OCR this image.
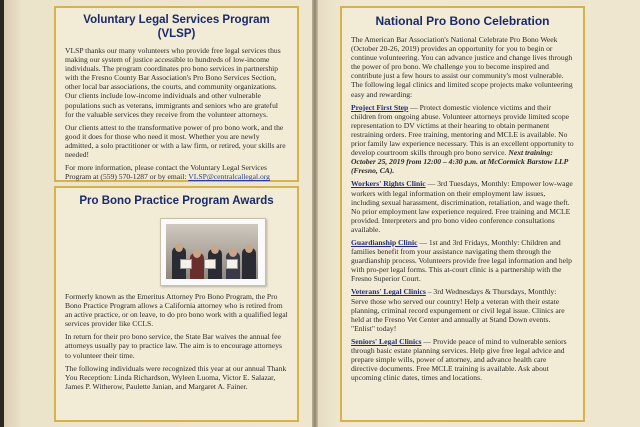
Voluntary Legal Services Program (VLSP)

VLSP thanks our many volunteers who provide free legal services thus making our system of justice accessible to hundreds of low-income individuals. The program coordinates pro bono services in partnership with the Fresno County Bar Association's Pro Bono Services Section, other local bar associations, the courts, and community organizations. Our clients include low-income individuals and other vulnerable populations such as veterans, immigrants and seniors who are grateful for the valuable services they receive from the volunteer attorneys.

Our clients attest to the transformative power of pro bono work, and the good it does for those who need it most. Whether you are newly admitted, a solo practitioner or with a law firm, or retired, your skills are needed!

For more information, please contact the Voluntary Legal Services Program at (559) 570-1287 or by email: VLSP@centralcallegal.org

Pro Bono Practice Program Awards

Formerly known as the Emeritus Attorney Pro Bono Program, the Pro Bono Practice Program allows a California attorney who is retired from an active practice, or on leave, to do pro bono work with a qualified legal services provider like CCLS.

In return for their pro bono service, the State Bar waives the annual fee attorneys usually pay to practice law. The aim is to encourage attorneys to volunteer their time.

The following individuals were recognized this year at our annual Thank You Reception: Linda Richardson, Wyleen Luoma, Victor E. Salazar, James P. Witherow, Paulette Janian, and Margaret A. Fainer.

National Pro Bono Celebration

The American Bar Association's National Celebrate Pro Bono Week (October 20-26, 2019) provides an opportunity for you to begin or continue volunteering. You can advance justice and change lives through the power of pro bono. We challenge you to become inspired and contribute just a few hours to assist our community's most vulnerable. The following legal clinics and limited scope projects make volunteering easy and rewarding:

Project First Step — Protect domestic violence victims and their children from ongoing abuse. Volunteer attorneys provide limited scope representation to DV victims at their hearing to obtain permanent restraining orders. Free training, mentoring and MCLE is available. No prior family law experience necessary. This is an excellent opportunity to develop courtroom skills through pro bono service. Next training: October 25, 2019 from 12:00 – 4:30 p.m. at McCormick Barstow LLP (Fresno, CA).

Workers' Rights Clinic — 3rd Tuesdays, Monthly: Empower low-wage workers with legal information on their employment law issues, including sexual harassment, discrimination, retaliation, and wage theft. No prior employment law experience required. Free training and MCLE provided. Interpreters and pro bono video conference consultations available.

Guardianship Clinic — 1st and 3rd Fridays, Monthly: Children and families benefit from your assistance navigating them through the guardianship process. Volunteers provide free legal information and help with pro-per legal forms. This at-court clinic is a partnership with the Fresno Superior Court.

Veterans' Legal Clinics – 3rd Wednesdays & Thursdays, Monthly: Serve those who served our country! Help a veteran with their estate planning, criminal record expungement or civil legal issue. Clinics are held at the Fresno Vet Center and annually at Stand Down events. "Enlist" today!

Seniors' Legal Clinics — Provide peace of mind to vulnerable seniors through basic estate planning services. Help give free legal advice and prepare simple wills, power of attorney, and advance health care directive documents. Free MCLE training is available. Ask about upcoming clinic dates, times and locations.
